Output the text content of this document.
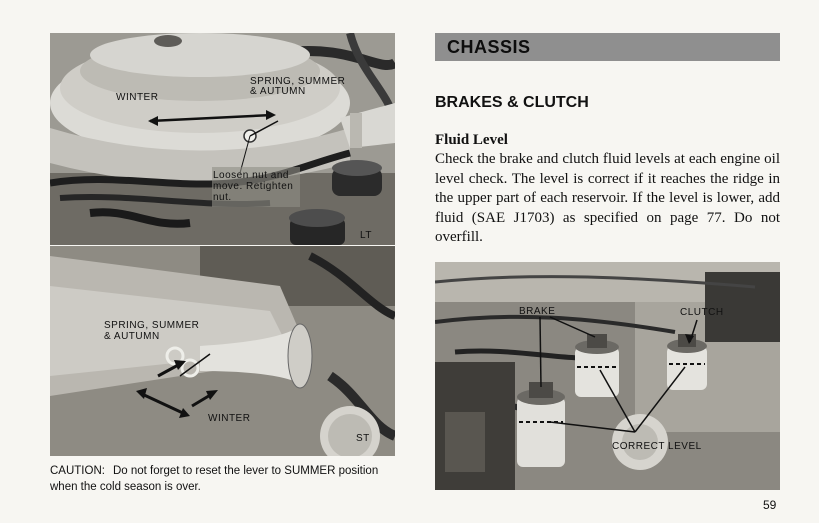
WINTER
SPRING, SUMMER
& AUTUMN
Loosen nut and
move. Retighten
nut.
LT
SPRING, SUMMER
& AUTUMN
WINTER
ST
CAUTION: Do not forget to reset the lever to SUMMER position when the cold season is over.
CHASSIS
BRAKES & CLUTCH
Fluid Level
Check the brake and clutch fluid levels at each engine oil level check. The level is correct if it reaches the ridge in the upper part of each reservoir. If the level is lower, add fluid (SAE J1703) as specified on page 77. Do not overfill.
BRAKE	CLUTCH
CORRECT LEVEL
59
